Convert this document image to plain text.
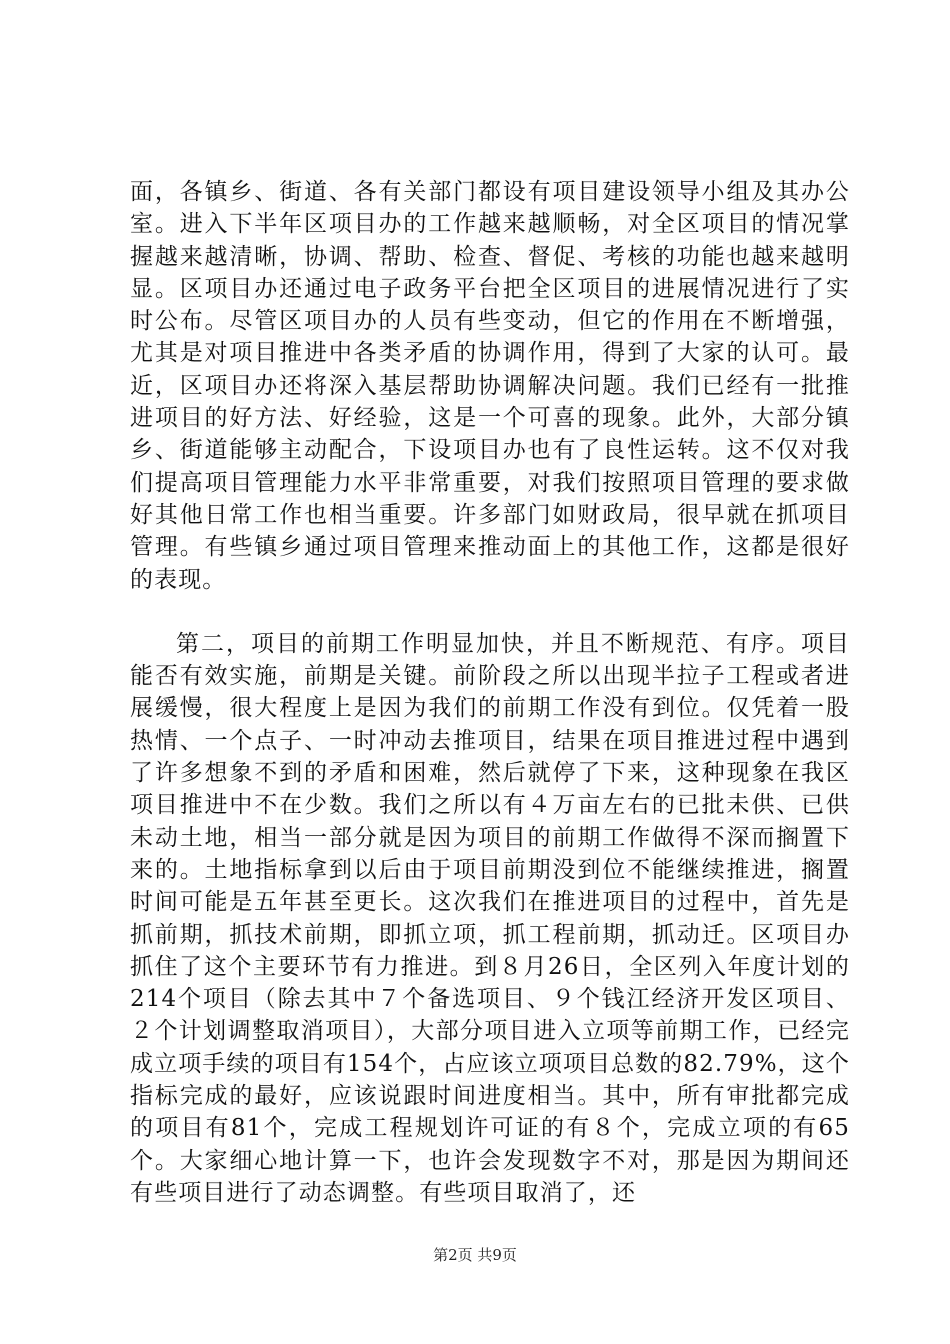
面，各镇乡、街道、各有关部门都设有项目建设领导小组及其办公室。进入下半年区项目办的工作越来越顺畅，对全区项目的情况掌握越来越清晰，协调、帮助、检查、督促、考核的功能也越来越明显。区项目办还通过电子政务平台把全区项目的进展情况进行了实时公布。尽管区项目办的人员有些变动，但它的作用在不断增强，尤其是对项目推进中各类矛盾的协调作用，得到了大家的认可。最近，区项目办还将深入基层帮助协调解决问题。我们已经有一批推进项目的好方法、好经验，这是一个可喜的现象。此外，大部分镇乡、街道能够主动配合，下设项目办也有了良性运转。这不仅对我们提高项目管理能力水平非常重要，对我们按照项目管理的要求做好其他日常工作也相当重要。许多部门如财政局，很早就在抓项目管理。有些镇乡通过项目管理来推动面上的其他工作，这都是很好的表现。

第二，项目的前期工作明显加快，并且不断规范、有序。项目能否有效实施，前期是关键。前阶段之所以出现半拉子工程或者进展缓慢，很大程度上是因为我们的前期工作没有到位。仅凭着一股热情、一个点子、一时冲动去推项目，结果在项目推进过程中遇到了许多想象不到的矛盾和困难，然后就停了下来，这种现象在我区项目推进中不在少数。我们之所以有４万亩左右的已批未供、已供未动土地，相当一部分就是因为项目的前期工作做得不深而搁置下来的。土地指标拿到以后由于项目前期没到位不能继续推进，搁置时间可能是五年甚至更长。这次我们在推进项目的过程中，首先是抓前期，抓技术前期，即抓立项，抓工程前期，抓动迁。区项目办抓住了这个主要环节有力推进。到８月26日，全区列入年度计划的214个项目（除去其中７个备选项目、９个钱江经济开发区项目、２个计划调整取消项目），大部分项目进入立项等前期工作，已经完成立项手续的项目有154个，占应该立项项目总数的82.79%，这个指标完成的最好，应该说跟时间进度相当。其中，所有审批都完成的项目有81个，完成工程规划许可证的有８个，完成立项的有65个。大家细心地计算一下，也许会发现数字不对，那是因为期间还有些项目进行了动态调整。有些项目取消了，还

第2页 共9页
